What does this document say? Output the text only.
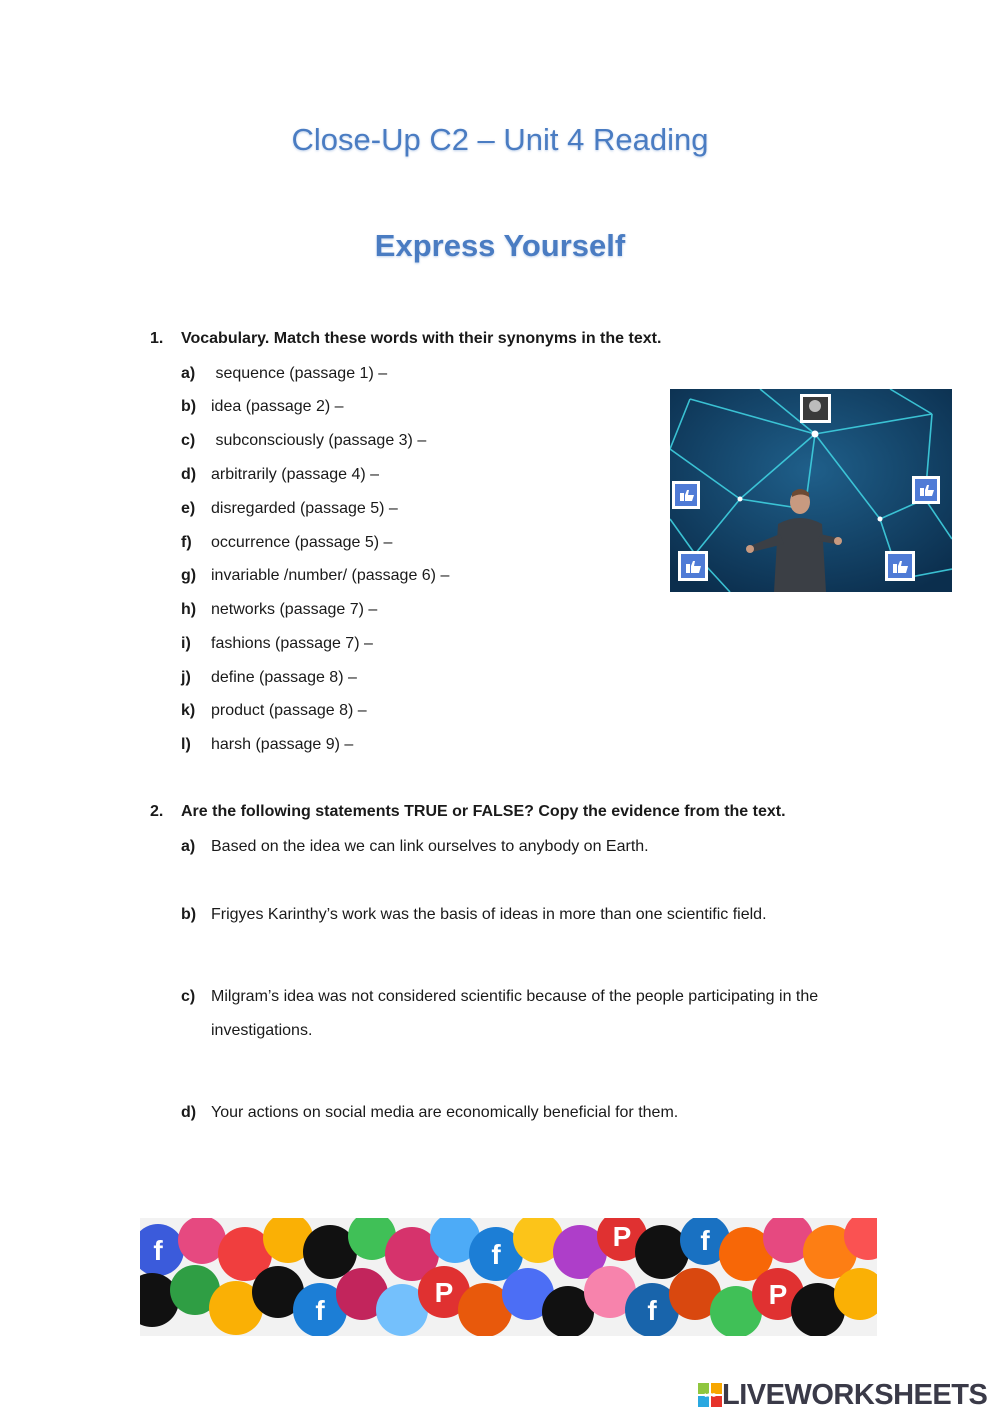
Close-Up C2 – Unit 4 Reading
Express Yourself
1. Vocabulary. Match these words with their synonyms in the text.
a) sequence (passage 1) –
b) idea (passage 2) –
c) subconsciously (passage 3) –
d) arbitrarily (passage 4) –
e) disregarded (passage 5) –
f) occurrence (passage 5) –
g) invariable /number/ (passage 6) –
h) networks (passage 7) –
i) fashions (passage 7) –
j) define (passage 8) –
k) product (passage 8) –
l) harsh (passage 9) –
2. Are the following statements TRUE or FALSE? Copy the evidence from the text.
a) Based on the idea we can link ourselves to anybody on Earth.
b) Frigyes Karinthy’s work was the basis of ideas in more than one scientific field.
c) Milgram’s idea was not considered scientific because of the people participating in the investigations.
d) Your actions on social media are economically beneficial for them.
f	f	f
f	f
P
P
P
LIVE LIVEWORKSHEETS
